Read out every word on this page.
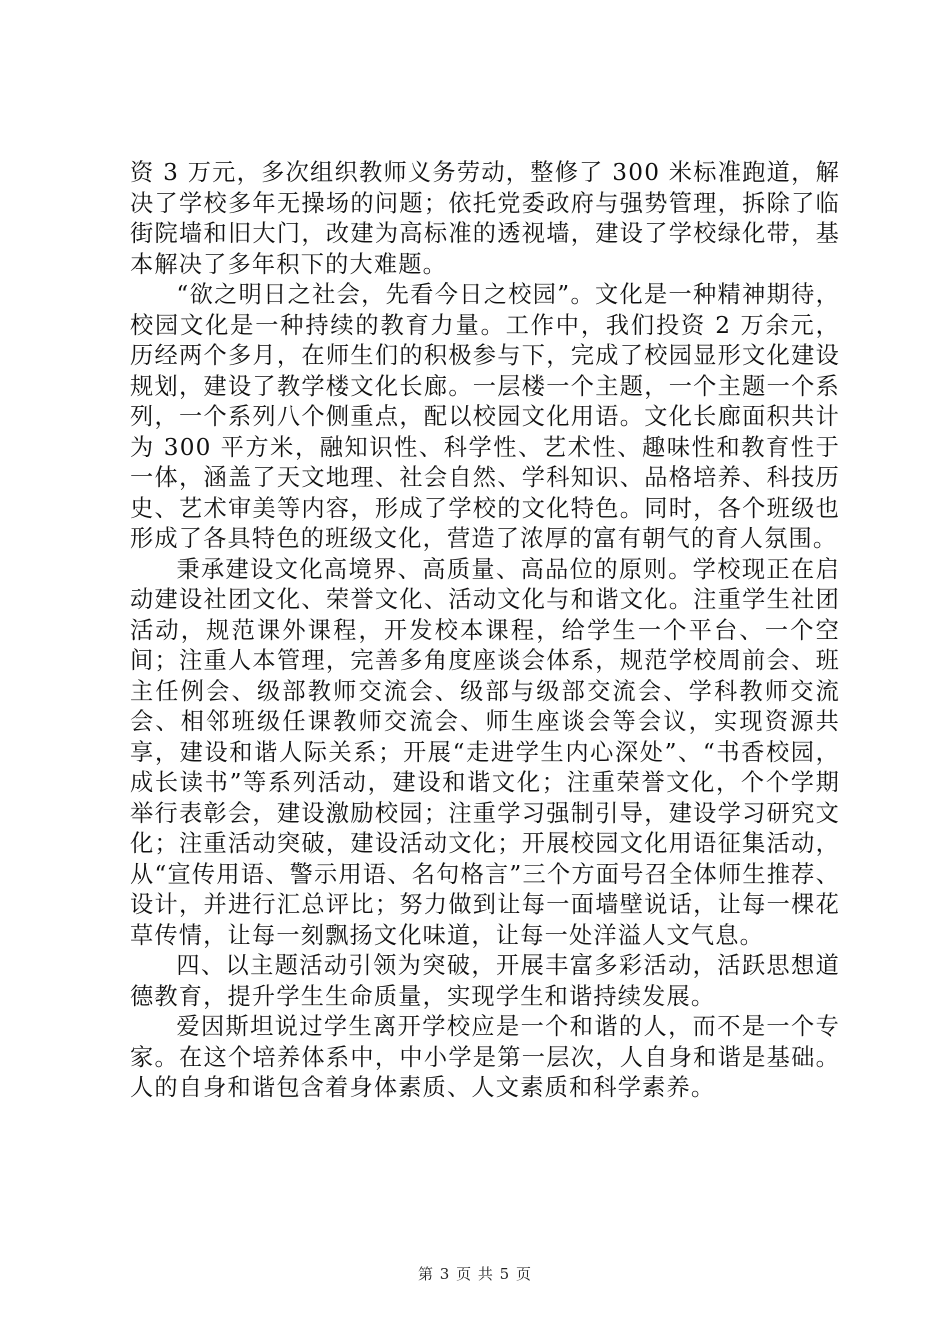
资 3 万元，多次组织教师义务劳动，整修了 300 米标准跑道，解决了学校多年无操场的问题；依托党委政府与强势管理，拆除了临街院墙和旧大门，改建为高标准的透视墙，建设了学校绿化带，基本解决了多年积下的大难题。

“欲之明日之社会，先看今日之校园”。文化是一种精神期待，校园文化是一种持续的教育力量。工作中，我们投资 2 万余元，历经两个多月，在师生们的积极参与下，完成了校园显形文化建设规划，建设了教学楼文化长廊。一层楼一个主题，一个主题一个系列，一个系列八个侧重点，配以校园文化用语。文化长廊面积共计为 300 平方米，融知识性、科学性、艺术性、趣味性和教育性于一体，涵盖了天文地理、社会自然、学科知识、品格培养、科技历史、艺术审美等内容，形成了学校的文化特色。同时，各个班级也形成了各具特色的班级文化，营造了浓厚的富有朝气的育人氛围。

秉承建设文化高境界、高质量、高品位的原则。学校现正在启动建设社团文化、荣誉文化、活动文化与和谐文化。注重学生社团活动，规范课外课程，开发校本课程，给学生一个平台、一个空间；注重人本管理，完善多角度座谈会体系，规范学校周前会、班主任例会、级部教师交流会、级部与级部交流会、学科教师交流会、相邻班级任课教师交流会、师生座谈会等会议，实现资源共享，建设和谐人际关系；开展“走进学生内心深处”、“书香校园，成长读书”等系列活动，建设和谐文化；注重荣誉文化，个个学期举行表彰会，建设激励校园；注重学习强制引导，建设学习研究文化；注重活动突破，建设活动文化；开展校园文化用语征集活动，从“宣传用语、警示用语、名句格言”三个方面号召全体师生推荐、设计，并进行汇总评比；努力做到让每一面墙壁说话，让每一棵花草传情，让每一刻飘扬文化味道，让每一处洋溢人文气息。

四、以主题活动引领为突破，开展丰富多彩活动，活跃思想道德教育，提升学生生命质量，实现学生和谐持续发展。

爱因斯坦说过学生离开学校应是一个和谐的人，而不是一个专家。在这个培养体系中，中小学是第一层次，人自身和谐是基础。人的自身和谐包含着身体素质、人文素质和科学素养。

第 3 页 共 5 页
